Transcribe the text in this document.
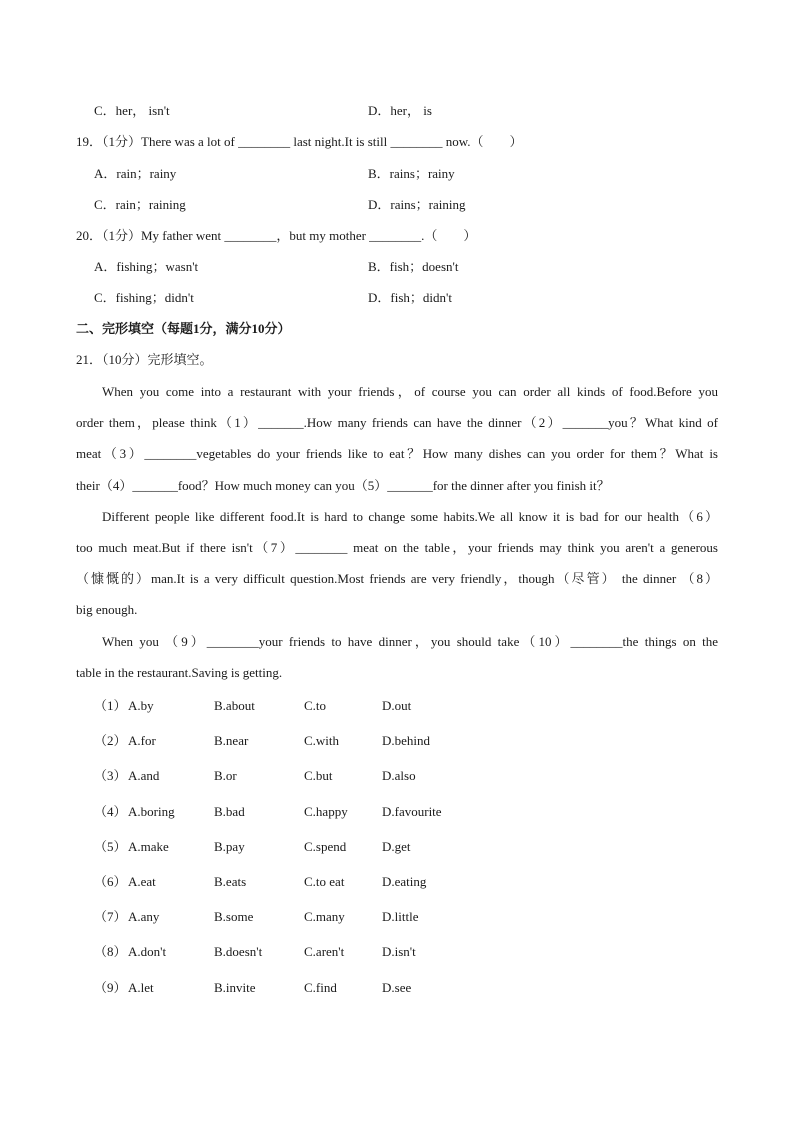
C．her， isn't	D．her， is
19．（1分）There was a lot of ________ last night.It is still ________ now.（　　）
A．rain；rainy	B．rains；rainy
C．rain；raining	D．rains；raining
20．（1分）My father went ________，but my mother ________.（　　）
A．fishing；wasn't	B．fish；doesn't
C．fishing；didn't	D．fish；didn't
二、完形填空（每题1分，满分10分）
21．（10分）完形填空。
When you come into a restaurant with your friends，of course you can order all kinds of food.Before you
order them，please think（1）_______.How many friends can have the dinner（2）_______you？What kind of
meat（3）________vegetables do your friends like to eat？How many dishes can you order for them？What is
their（4）_______food？How much money can you（5）_______for the dinner after you finish it？
Different people like different food.It is hard to change some habits.We all know it is bad for our health（6）
too much meat.But if there isn't（7）________ meat on the table，your friends may think you aren't a generous
（慷慨的）man.It is a very difficult question.Most friends are very friendly，though（尽管） the dinner （8）
big enough.
When you （9）________your friends to have dinner，you should take（10）________the things on the
table in the restaurant.Saving is getting.
（1） A.by	B.about	C.to	D.out
（2） A.for	B.near	C.with	D.behind
（3） A.and	B.or	C.but	D.also
（4） A.boring	B.bad	C.happy	D.favourite
（5） A.make	B.pay	C.spend	D.get
（6） A.eat	B.eats	C.to eat	D.eating
（7） A.any	B.some	C.many	D.little
（8） A.don't	B.doesn't	C.aren't	D.isn't
（9） A.let	B.invite	C.find	D.see
